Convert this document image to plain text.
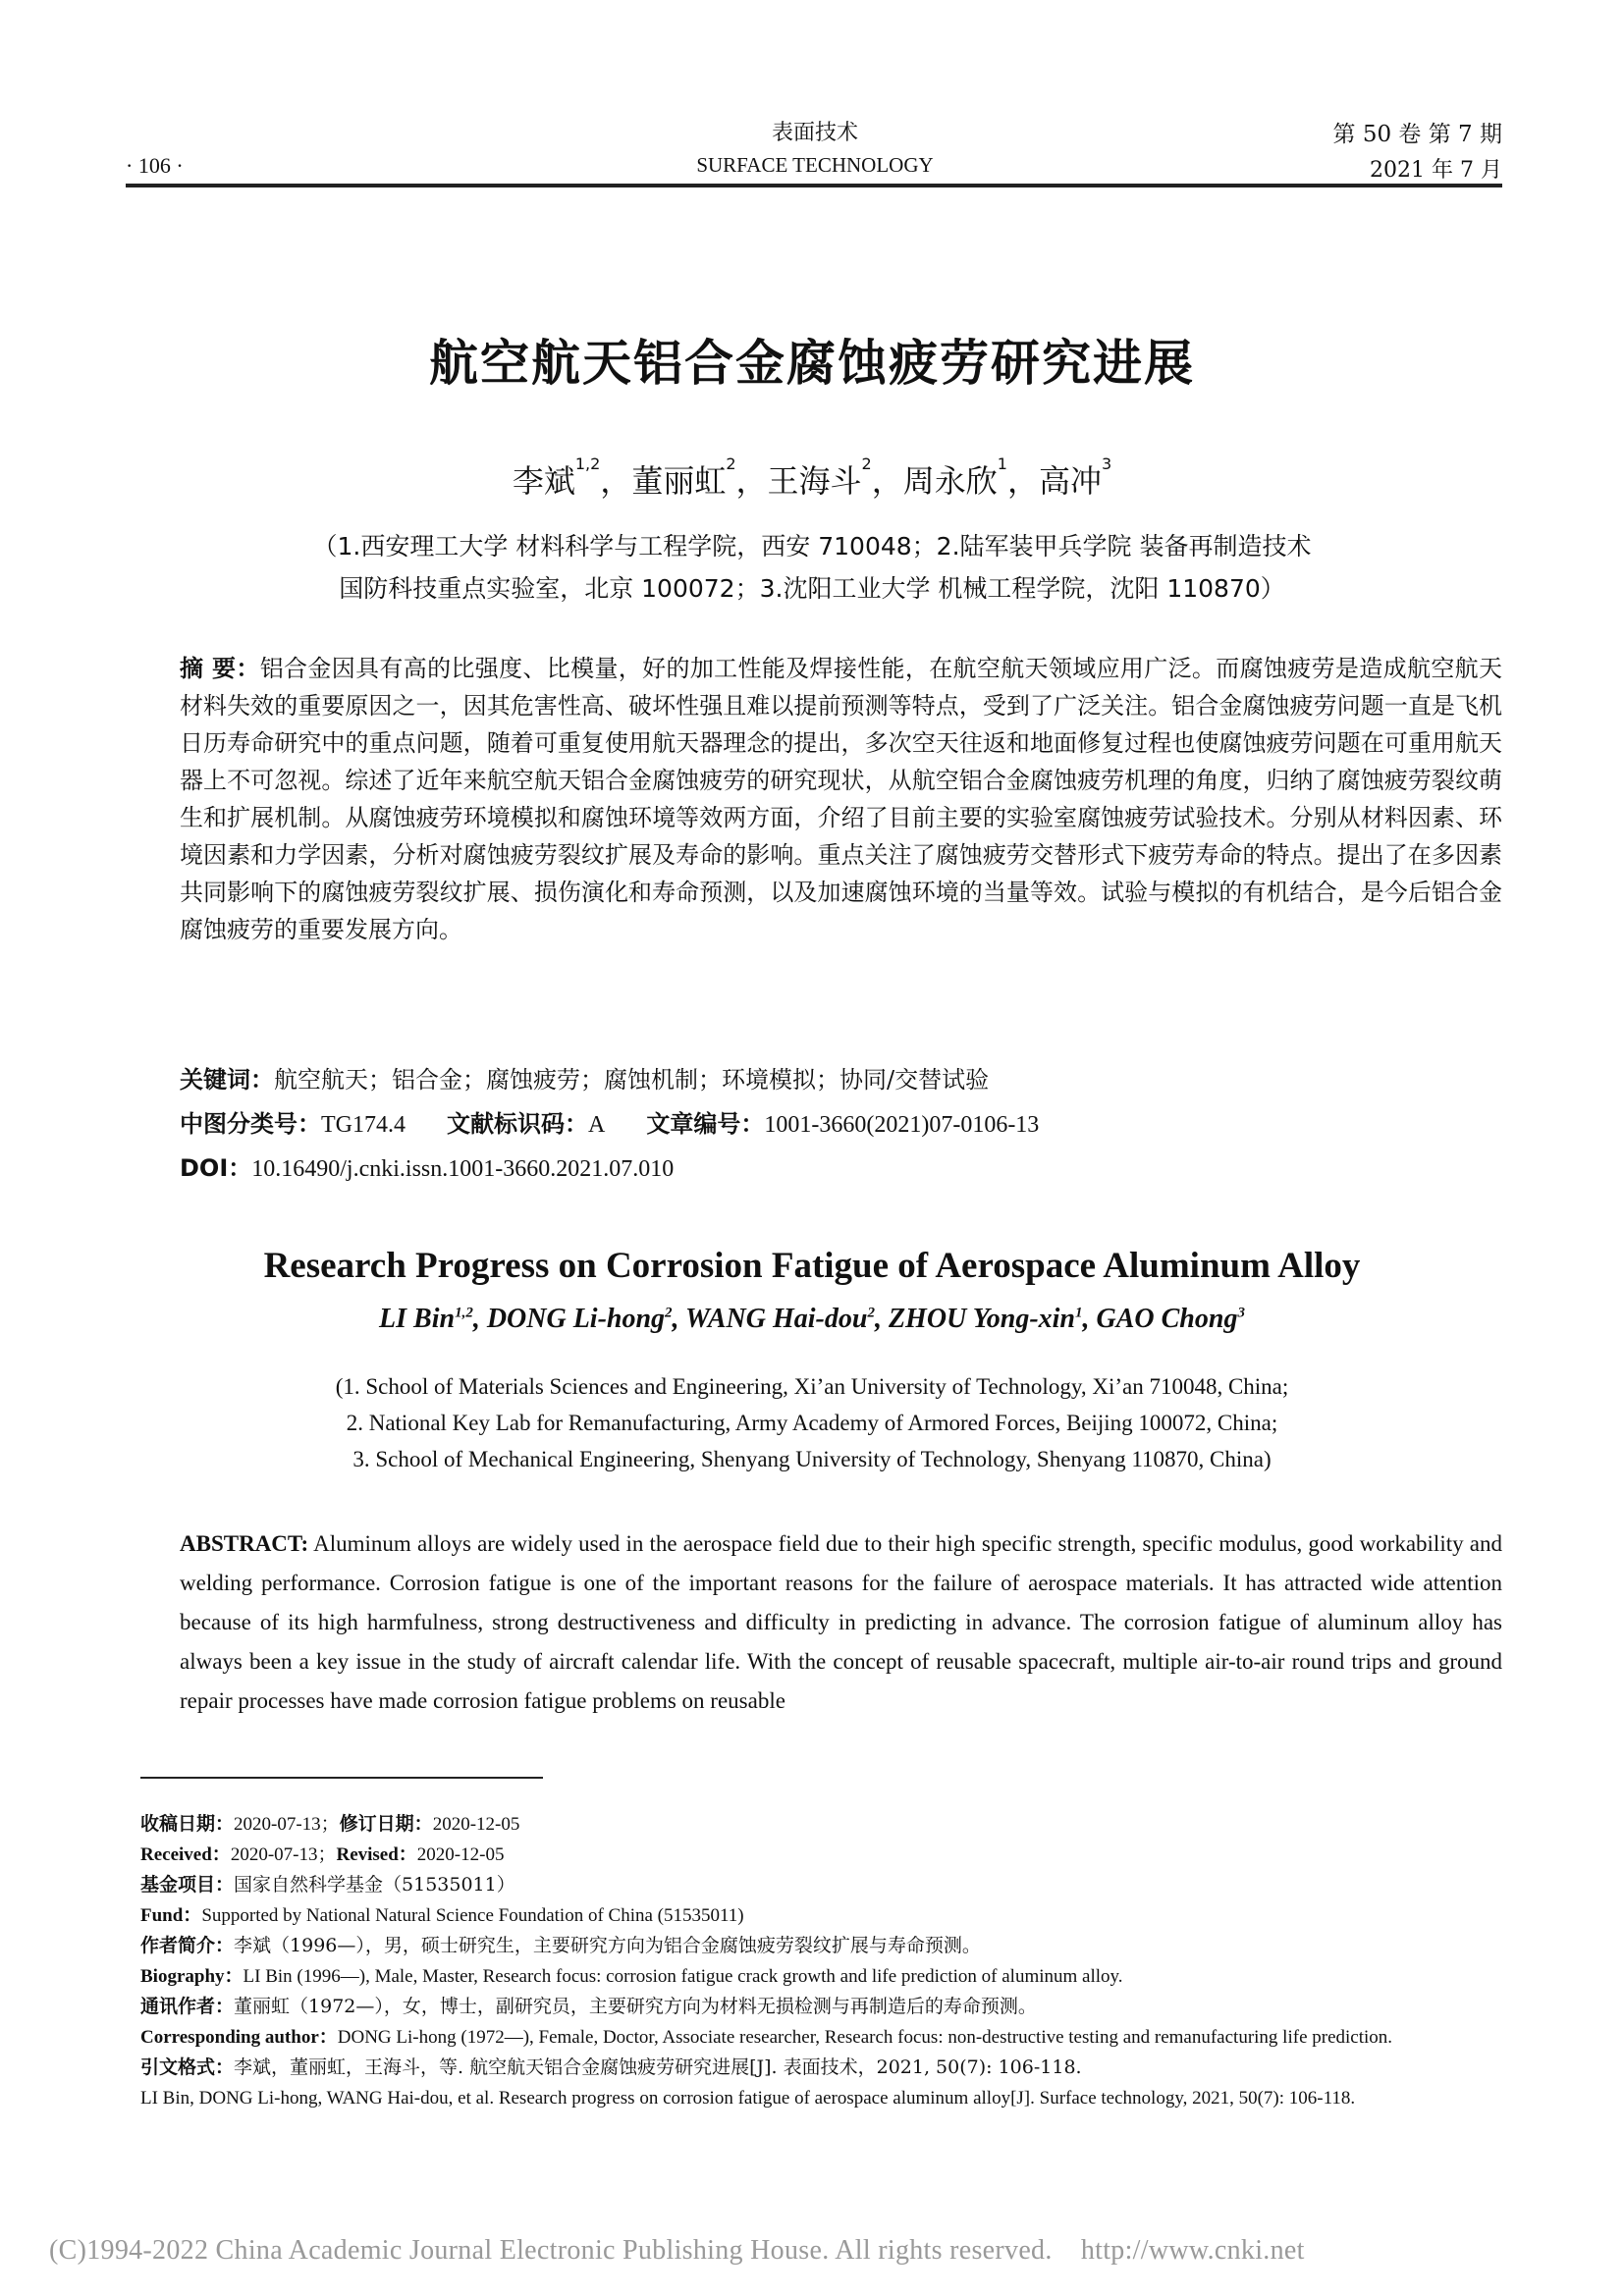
· 106 ·
表面技术
SURFACE TECHNOLOGY
第 50 卷 第 7 期
2021 年 7 月
航空航天铝合金腐蚀疲劳研究进展
李斌$^{1,2}$，董丽虹$^2$，王海斗$^2$，周永欣$^1$，高冲$^3$
（1.西安理工大学 材料科学与工程学院，西安 710048；2.陆军装甲兵学院 装备再制造技术
国防科技重点实验室，北京 100072；3.沈阳工业大学 机械工程学院，沈阳 110870）
摘 要：铝合金因具有高的比强度、比模量，好的加工性能及焊接性能，在航空航天领域应用广泛。而腐蚀疲劳是造成航空航天材料失效的重要原因之一，因其危害性高、破坏性强且难以提前预测等特点，受到了广泛关注。铝合金腐蚀疲劳问题一直是飞机日历寿命研究中的重点问题，随着可重复使用航天器理念的提出，多次空天往返和地面修复过程也使腐蚀疲劳问题在可重用航天器上不可忽视。综述了近年来航空航天铝合金腐蚀疲劳的研究现状，从航空铝合金腐蚀疲劳机理的角度，归纳了腐蚀疲劳裂纹萌生和扩展机制。从腐蚀疲劳环境模拟和腐蚀环境等效两方面，介绍了目前主要的实验室腐蚀疲劳试验技术。分别从材料因素、环境因素和力学因素，分析对腐蚀疲劳裂纹扩展及寿命的影响。重点关注了腐蚀疲劳交替形式下疲劳寿命的特点。提出了在多因素共同影响下的腐蚀疲劳裂纹扩展、损伤演化和寿命预测，以及加速腐蚀环境的当量等效。试验与模拟的有机结合，是今后铝合金腐蚀疲劳的重要发展方向。
关键词：航空航天；铝合金；腐蚀疲劳；腐蚀机制；环境模拟；协同/交替试验
中图分类号：TG174.4 文献标识码：A 文章编号：1001-3660(2021)07-0106-13
DOI：10.16490/j.cnki.issn.1001-3660.2021.07.010
Research Progress on Corrosion Fatigue of Aerospace Aluminum Alloy
LI Bin$^{1,2}$, DONG Li-hong$^2$, WANG Hai-dou$^2$, ZHOU Yong-xin$^1$, GAO Chong$^3$
(1. School of Materials Sciences and Engineering, Xi’an University of Technology, Xi’an 710048, China;
2. National Key Lab for Remanufacturing, Army Academy of Armored Forces, Beijing 100072, China;
3. School of Mechanical Engineering, Shenyang University of Technology, Shenyang 110870, China)
ABSTRACT: Aluminum alloys are widely used in the aerospace field due to their high specific strength, specific modulus, good workability and welding performance. Corrosion fatigue is one of the important reasons for the failure of aerospace materials. It has attracted wide attention because of its high harmfulness, strong destructiveness and difficulty in predicting in advance. The corrosion fatigue of aluminum alloy has always been a key issue in the study of aircraft calendar life. With the concept of reusable spacecraft, multiple air-to-air round trips and ground repair processes have made corrosion fatigue problems on reusable
收稿日期：2020-07-13；修订日期：2020-12-05
Received：2020-07-13；Revised：2020-12-05
基金项目：国家自然科学基金（51535011）
Fund：Supported by National Natural Science Foundation of China (51535011)
作者简介：李斌（1996—），男，硕士研究生，主要研究方向为铝合金腐蚀疲劳裂纹扩展与寿命预测。
Biography：LI Bin (1996—), Male, Master, Research focus: corrosion fatigue crack growth and life prediction of aluminum alloy.
通讯作者：董丽虹（1972—），女，博士，副研究员，主要研究方向为材料无损检测与再制造后的寿命预测。
Corresponding author：DONG Li-hong (1972—), Female, Doctor, Associate researcher, Research focus: non-destructive testing and remanufacturing life prediction.
引文格式：李斌，董丽虹，王海斗，等. 航空航天铝合金腐蚀疲劳研究进展[J]. 表面技术，2021, 50(7): 106-118.
LI Bin, DONG Li-hong, WANG Hai-dou, et al. Research progress on corrosion fatigue of aerospace aluminum alloy[J]. Surface technology, 2021, 50(7): 106-118.
(C)1994-2022 China Academic Journal Electronic Publishing House. All rights reserved.    http://www.cnki.net
